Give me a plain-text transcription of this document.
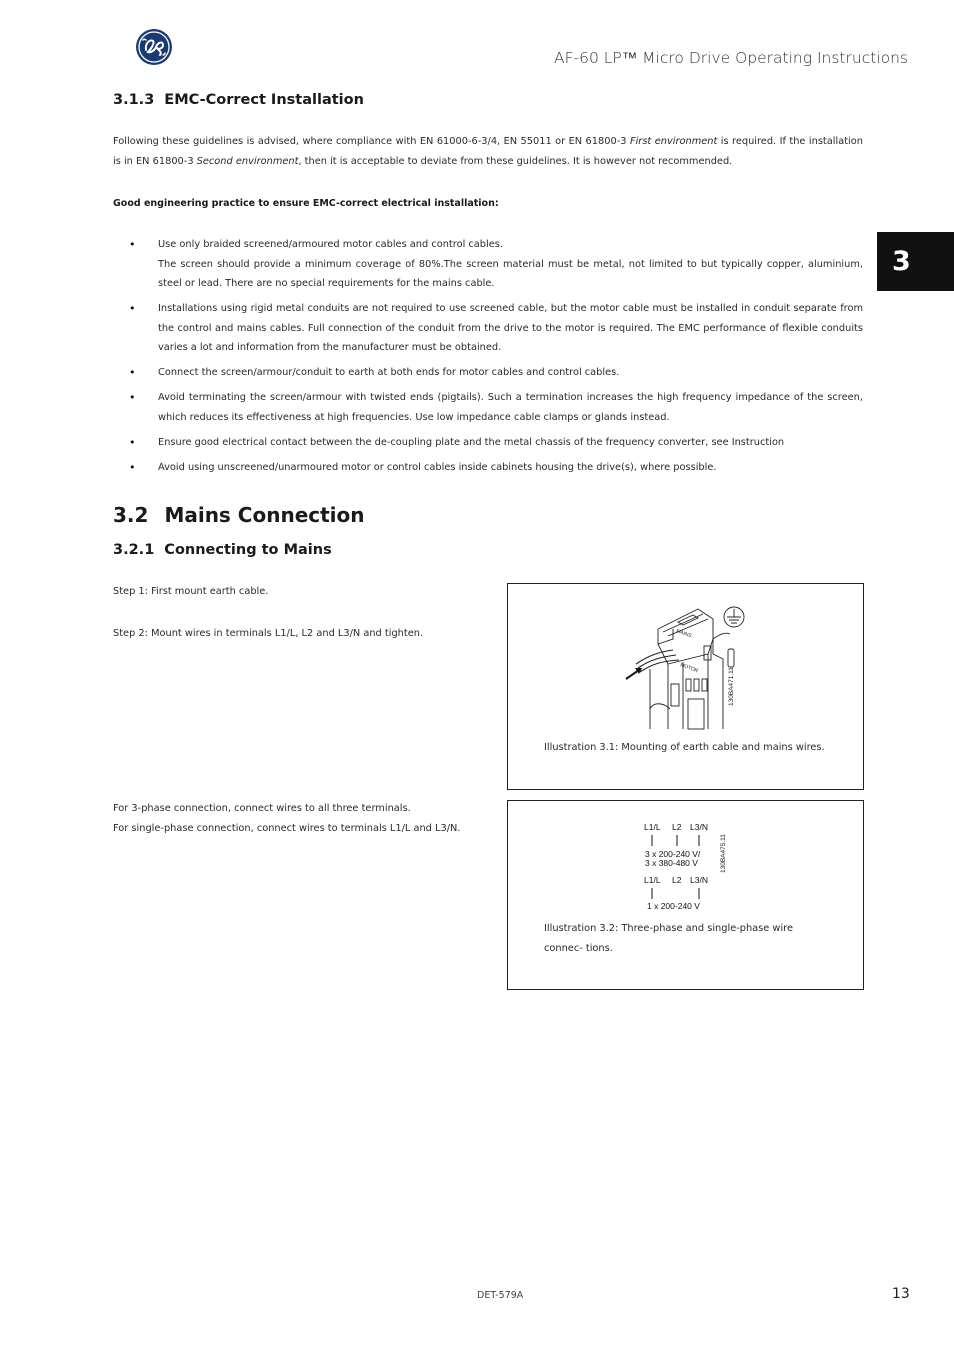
AF-60 LP™ Micro Drive Operating Instructions
3
3.1.3 EMC-Correct Installation
Following these guidelines is advised, where compliance with EN 61000-6-3/4, EN 55011 or EN 61800-3 First environment is required. If the installation is in EN 61800-3 Second environment, then it is acceptable to deviate from these guidelines. It is however not recommended.
Good engineering practice to ensure EMC-correct electrical installation:
• Use only braided screened/armoured motor cables and control cables.
The screen should provide a minimum coverage of 80%.The screen material must be metal, not limited to but typically copper, aluminium, steel or lead. There are no special requirements for the mains cable.
• Installations using rigid metal conduits are not required to use screened cable, but the motor cable must be installed in conduit separate from the control and mains cables. Full connection of the conduit from the drive to the motor is required. The EMC performance of flexible conduits varies a lot and information from the manufacturer must be obtained.
• Connect the screen/armour/conduit to earth at both ends for motor cables and control cables.
• Avoid terminating the screen/armour with twisted ends (pigtails). Such a termination increases the high frequency impedance of the screen, which reduces its effectiveness at high frequencies. Use low impedance cable clamps or glands instead.
• Ensure good electrical contact between the de-coupling plate and the metal chassis of the frequency converter, see Instruction
• Avoid using unscreened/unarmoured motor or control cables inside cabinets housing the drive(s), where possible.
3.2 Mains Connection
3.2.1 Connecting to Mains
Step 1: First mount earth cable.
Step 2: Mount wires in terminals L1/L, L2 and L3/N and tighten.
For 3-phase connection, connect wires to all three terminals.
For single-phase connection, connect wires to terminals L1/L and L3/N.
MAINS
MOTOR	130BA471.11
Illustration 3.1: Mounting of earth cable and mains wires.
L1/L L2 L3/N
3 x 200-240 V/
3 x 380-480 V
L1/L L2 L3/N
1 x 200-240 V
130BA475.11
Illustration 3.2: Three-phase and single-phase wire connec- tions.
DET-579A	13
